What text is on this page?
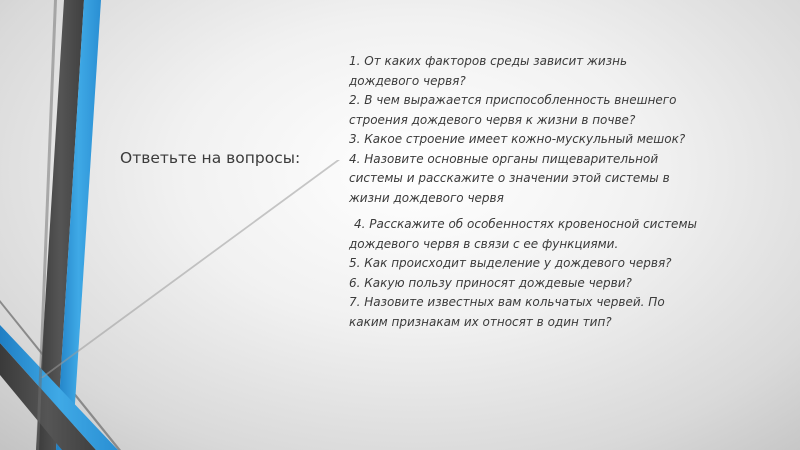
Ответьте на вопросы:
1. От каких факторов среды зависит жизнь
дождевого червя?
2. В чем выражается приспособленность внешнего
строения дождевого червя к жизни в почве?
3. Какое строение имеет кожно-мускульный мешок?
4. Назовите основные органы пищеварительной
системы и расскажите о значении этой системы в
жизни дождевого червя
4. Расскажите об особенностях кровеносной системы
дождевого червя в связи с ее функциями.
5. Как происходит выделение у дождевого червя?
6. Какую пользу приносят дождевые черви?
7. Назовите известных вам кольчатых червей. По
каким признакам их относят в один тип?
